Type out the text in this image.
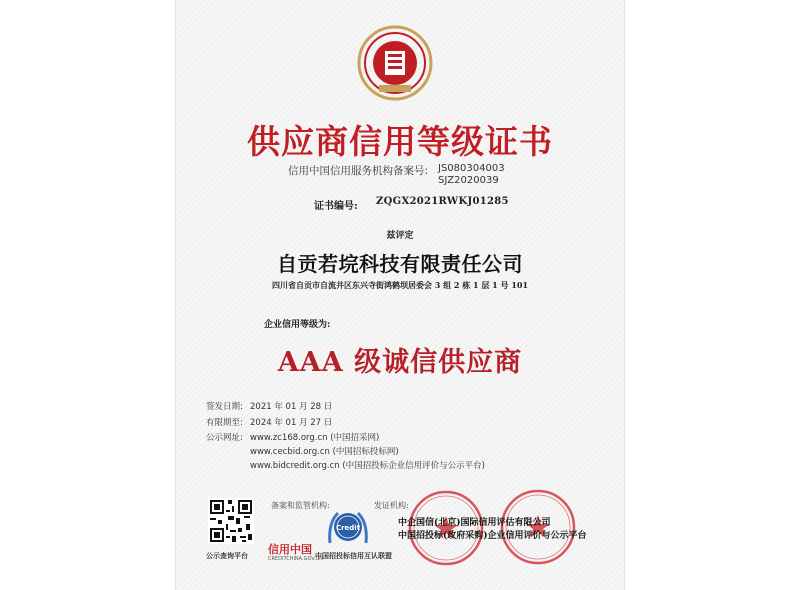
供应商信用等级证书
信用中国信用服务机构备案号: JS080304003
SJZ2020039
证书编号: ZQGX2021RWKJ01285
兹评定
自贡若垸科技有限责任公司
四川省自贡市自流井区东兴寺街鸿鹤坝居委会 3 组 2 栋 1 层 1 号 101
企业信用等级为:
AAA 级诚信供应商
签发日期: 2021 年 01 月 28 日
有限期至: 2024 年 01 月 27 日
公示网址: www.zc168.org.cn (中国招采网)
www.cecbid.org.cn (中国招标投标网)
www.bidcredit.org.cn (中国招投标企业信用评价与公示平台)
公示查询平台
备案和监管机构:
信用中国
CREDITCHINA.GOV.CN
Credit
中国招投标信用互认联盟
发证机构:
中企国信(北京)国际信用评估有限公司
中国招投标(政府采购)企业信用评价与公示平台
